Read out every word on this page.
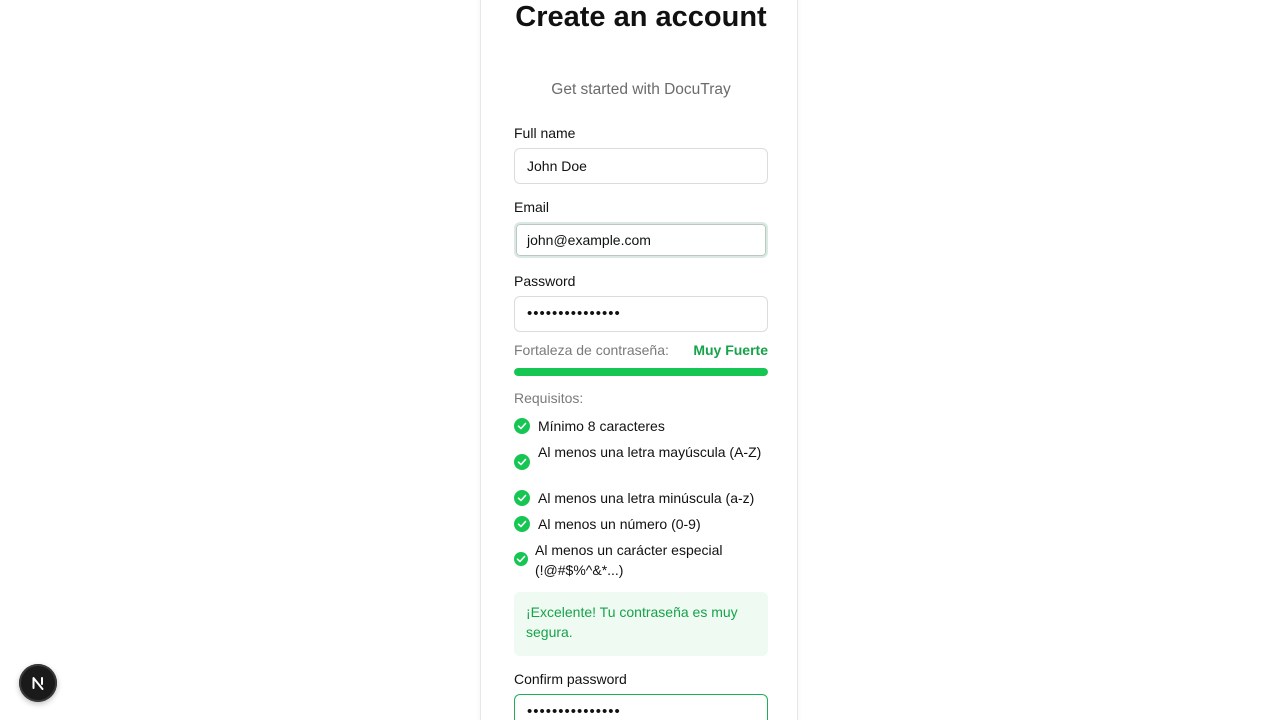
Create an account
Get started with DocuTray
Full name
John Doe
Email
john@example.com
Password
•••••••••••••••
Fortaleza de contraseña: Muy Fuerte
Requisitos:
Mínimo 8 caracteres
Al menos una letra mayúscula (A-Z)
Al menos una letra minúscula (a-z)
Al menos un número (0-9)
Al menos un carácter especial (!@#$%^&*...)
¡Excelente! Tu contraseña es muy segura.
Confirm password
•••••••••••••••
